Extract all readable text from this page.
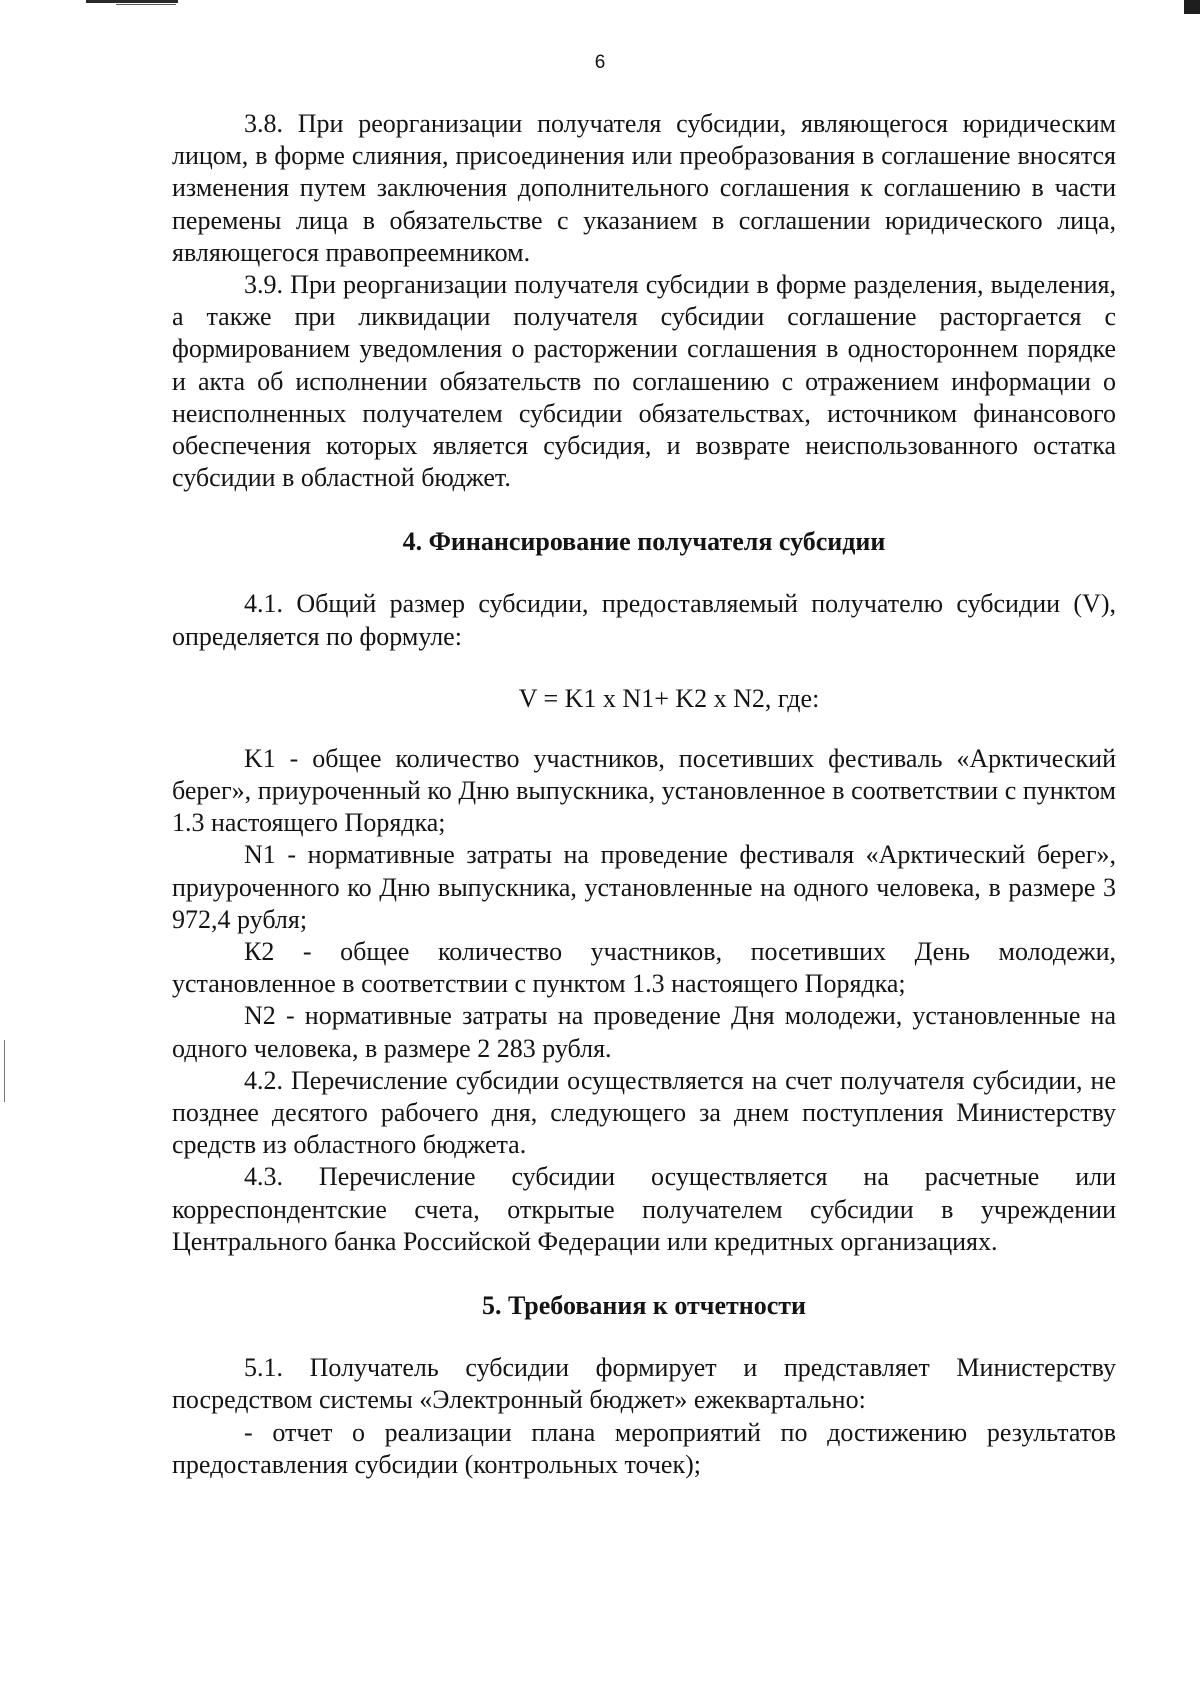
6

3.8. При реорганизации получателя субсидии, являющегося юридическим лицом, в форме слияния, присоединения или преобразования в соглашение вносятся изменения путем заключения дополнительного соглашения к соглашению в части перемены лица в обязательстве с указанием в соглашении юридического лица, являющегося правопреемником.

3.9. При реорганизации получателя субсидии в форме разделения, выделения, а также при ликвидации получателя субсидии соглашение расторгается с формированием уведомления о расторжении соглашения в одностороннем порядке и акта об исполнении обязательств по соглашению с отражением информации о неисполненных получателем субсидии обязательствах, источником финансового обеспечения которых является субсидия, и возврате неиспользованного остатка субсидии в областной бюджет.

4. Финансирование получателя субсидии

4.1. Общий размер субсидии, предоставляемый получателю субсидии (V), определяется по формуле:

V = K1 x N1+ K2 x N2, где:

K1 - общее количество участников, посетивших фестиваль «Арктический берег», приуроченный ко Дню выпускника, установленное в соответствии с пунктом 1.3 настоящего Порядка;

N1 - нормативные затраты на проведение фестиваля «Арктический берег», приуроченного ко Дню выпускника, установленные на одного человека, в размере 3 972,4 рубля;

К2 - общее количество участников, посетивших День молодежи, установленное в соответствии с пунктом 1.3 настоящего Порядка;

N2 - нормативные затраты на проведение Дня молодежи, установленные на одного человека, в размере 2 283 рубля.

4.2. Перечисление субсидии осуществляется на счет получателя субсидии, не позднее десятого рабочего дня, следующего за днем поступления Министерству средств из областного бюджета.

4.3. Перечисление субсидии осуществляется на расчетные или корреспондентские счета, открытые получателем субсидии в учреждении Центрального банка Российской Федерации или кредитных организациях.

5. Требования к отчетности

5.1. Получатель субсидии формирует и представляет Министерству посредством системы «Электронный бюджет» ежеквартально:

- отчет о реализации плана мероприятий по достижению результатов предоставления субсидии (контрольных точек);
